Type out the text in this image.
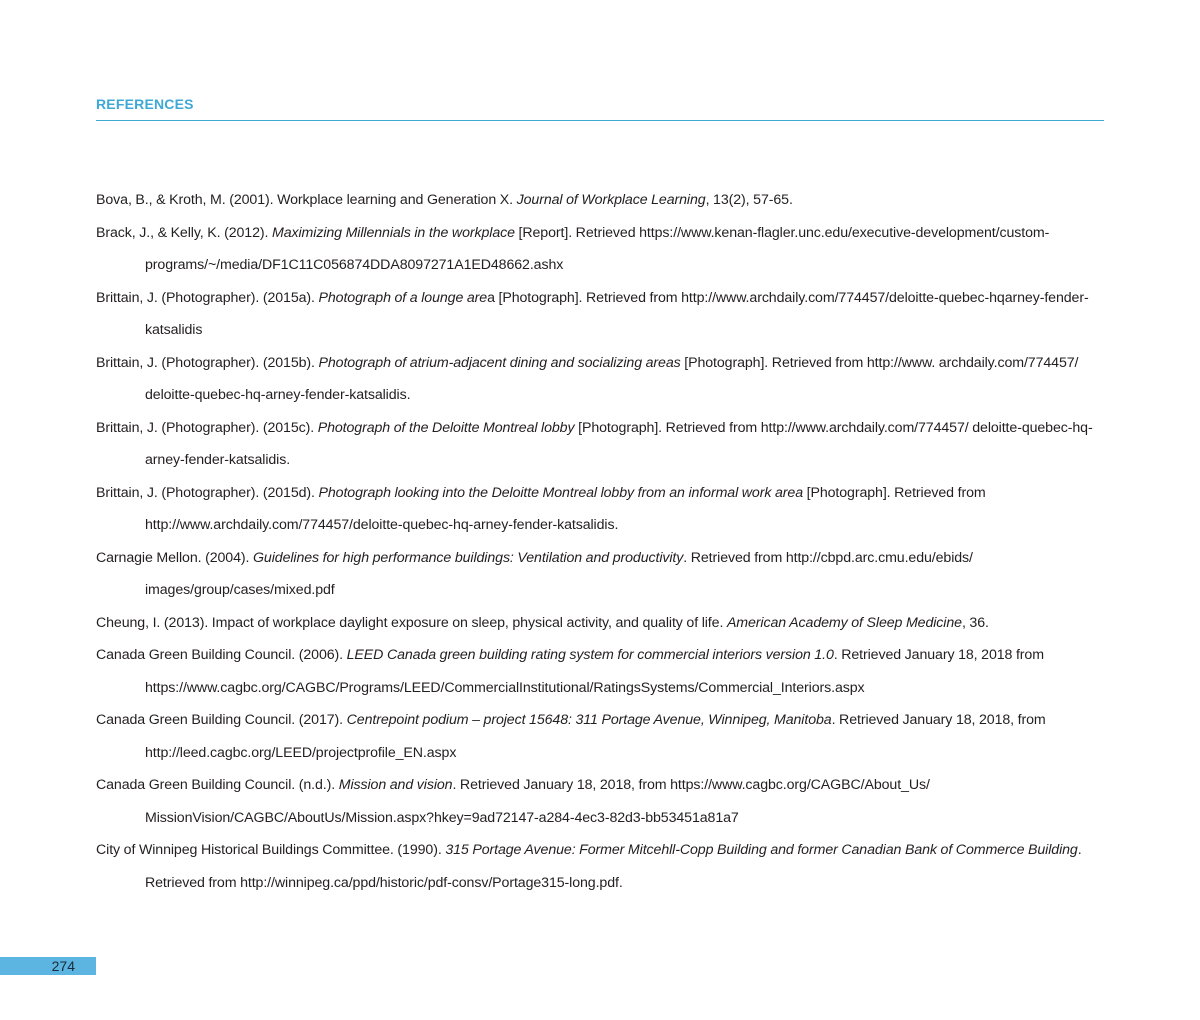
REFERENCES
Bova, B., & Kroth, M. (2001). Workplace learning and Generation X. Journal of Workplace Learning, 13(2), 57-65.
Brack, J., & Kelly, K. (2012). Maximizing Millennials in the workplace [Report]. Retrieved https://www.kenan-flagler.unc.edu/executive-development/custom-programs/~/media/DF1C11C056874DDA8097271A1ED48662.ashx
Brittain, J. (Photographer). (2015a). Photograph of a lounge area [Photograph]. Retrieved from http://www.archdaily.com/774457/deloitte-quebec-hqarney-fender-katsalidis
Brittain, J. (Photographer). (2015b). Photograph of atrium-adjacent dining and socializing areas [Photograph]. Retrieved from http://www. archdaily.com/774457/ deloitte-quebec-hq-arney-fender-katsalidis.
Brittain, J. (Photographer). (2015c). Photograph of the Deloitte Montreal lobby [Photograph]. Retrieved from http://www.archdaily.com/774457/ deloitte-quebec-hq-arney-fender-katsalidis.
Brittain, J. (Photographer). (2015d). Photograph looking into the Deloitte Montreal lobby from an informal work area [Photograph]. Retrieved from http://www.archdaily.com/774457/deloitte-quebec-hq-arney-fender-katsalidis.
Carnagie Mellon. (2004). Guidelines for high performance buildings: Ventilation and productivity. Retrieved from http://cbpd.arc.cmu.edu/ebids/ images/group/cases/mixed.pdf
Cheung, I. (2013). Impact of workplace daylight exposure on sleep, physical activity, and quality of life. American Academy of Sleep Medicine, 36.
Canada Green Building Council. (2006). LEED Canada green building rating system for commercial interiors version 1.0. Retrieved January 18, 2018 from https://www.cagbc.org/CAGBC/Programs/LEED/CommercialInstitutional/RatingsSystems/Commercial_Interiors.aspx
Canada Green Building Council. (2017). Centrepoint podium – project 15648: 311 Portage Avenue, Winnipeg, Manitoba. Retrieved January 18, 2018, from http://leed.cagbc.org/LEED/projectprofile_EN.aspx
Canada Green Building Council. (n.d.). Mission and vision. Retrieved January 18, 2018, from https://www.cagbc.org/CAGBC/About_Us/ MissionVision/CAGBC/AboutUs/Mission.aspx?hkey=9ad72147-a284-4ec3-82d3-bb53451a81a7
City of Winnipeg Historical Buildings Committee. (1990). 315 Portage Avenue: Former Mitcehll-Copp Building and former Canadian Bank of Commerce Building. Retrieved from http://winnipeg.ca/ppd/historic/pdf-consv/Portage315-long.pdf.
274
